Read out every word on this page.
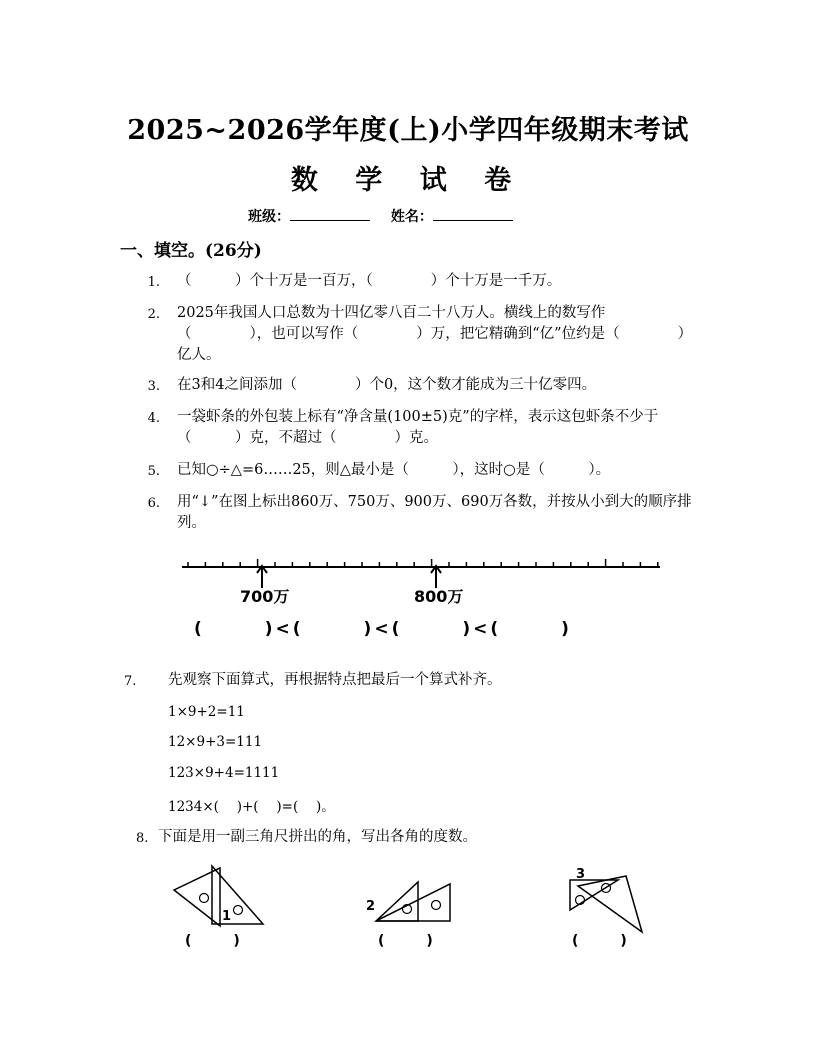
2025~2026学年度(上)小学四年级期末考试
数 学 试 卷
班级：	姓名：
一、填空。(26分)
1. （　　　）个十万是一百万，（　　　　）个十万是一千万。
2. 2025年我国人口总数为十四亿零八百二十八万人。横线上的数写作（　　　　），也可以写作（　　　　）万，把它精确到“亿”位约是（　　　　）亿人。
3. 在3和4之间添加（　　　　）个0，这个数才能成为三十亿零四。
4. 一袋虾条的外包装上标有“净含量(100±5)克”的字样，表示这包虾条不少于（　　　）克，不超过（　　　　）克。
5. 已知○÷△=6……25，则△最小是（　　　），这时○是（　　　）。
6. 用“↓”在图上标出860万、750万、900万、690万各数，并按从小到大的顺序排列。
700万	800万
(　　　)<(　　　)<(　　　)<(　　　)
7. 先观察下面算式，再根据特点把最后一个算式补齐。
1×9+2=11
12×9+3=111
123×9+4=1111
1234×(　 )+(　 )=(　 )。
8. 下面是用一副三角尺拼出的角，写出各角的度数。
1
(　　　)
2
(　　　)
3
(　　　)
